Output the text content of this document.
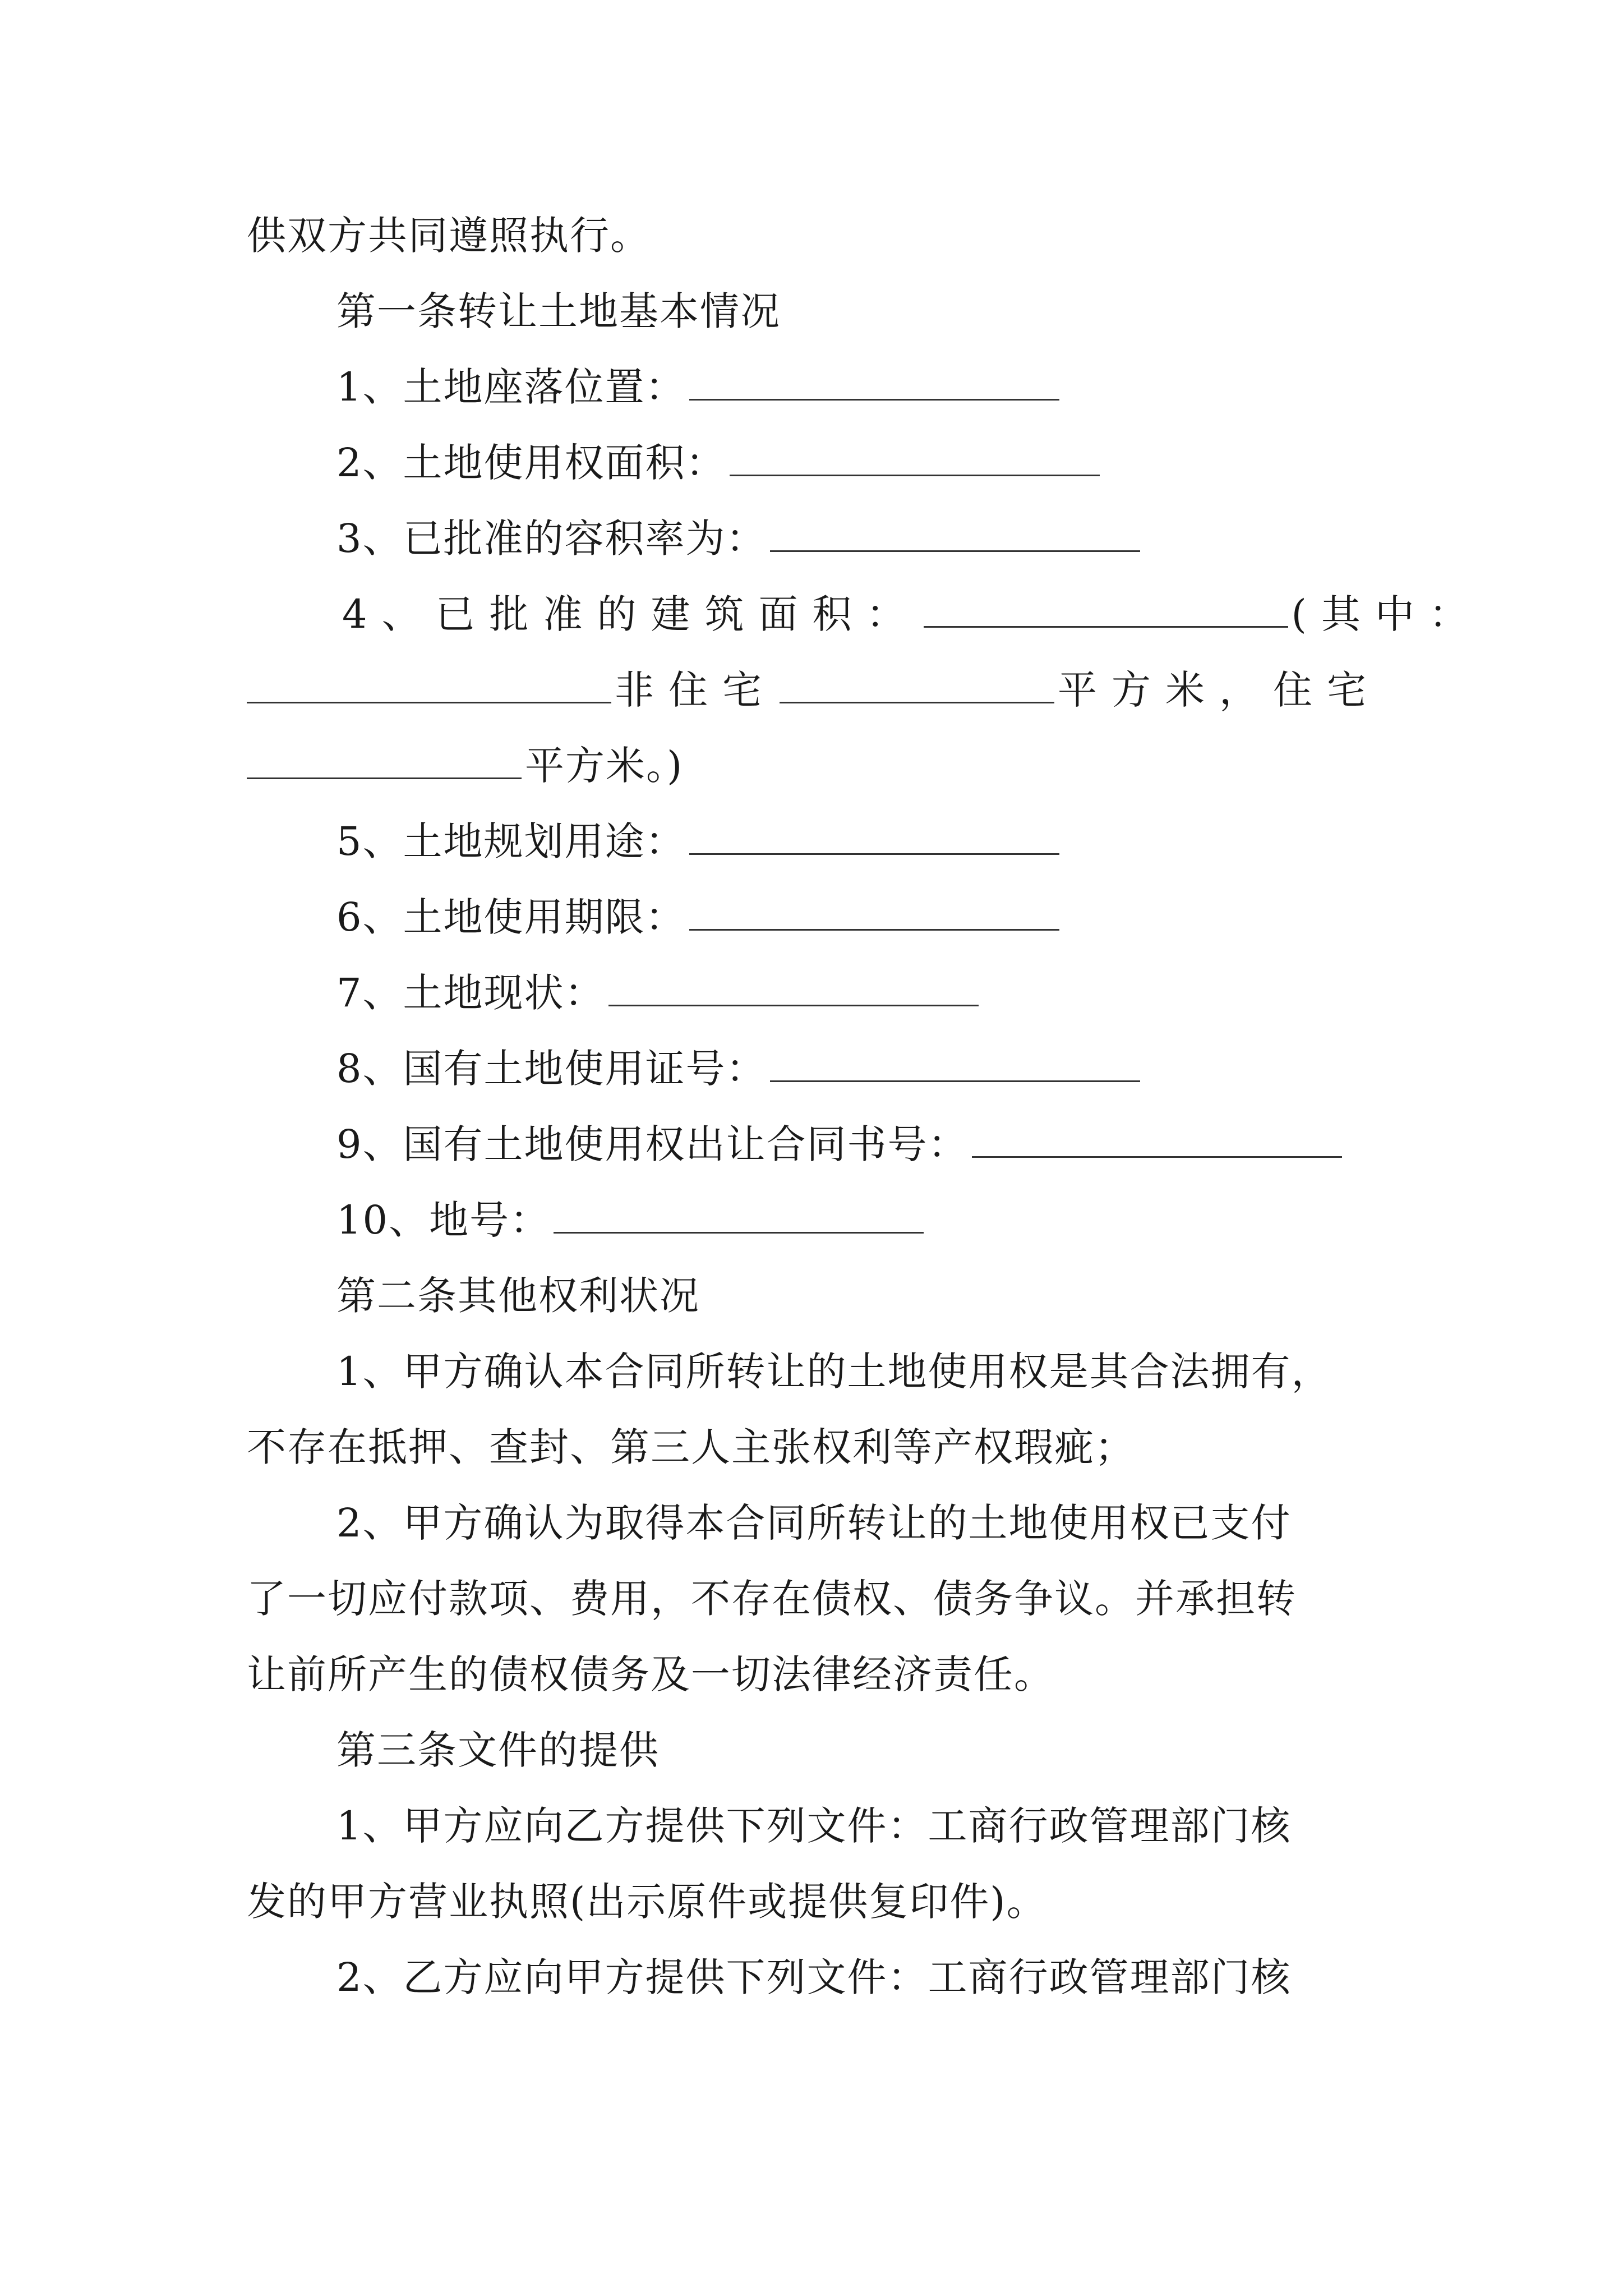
供双方共同遵照执行。
第一条转让土地基本情况
1、土地座落位置：
2、土地使用权面积：
3、已批准的容积率为：
4、已批准的建筑面积：	(其中：
非住宅	平方米，住宅
平方米。)
5、土地规划用途：
6、土地使用期限：
7、土地现状：
8、国有土地使用证号：
9、国有土地使用权出让合同书号：
10、地号：
第二条其他权利状况
1、甲方确认本合同所转让的土地使用权是其合法拥有，
不存在抵押、查封、第三人主张权利等产权瑕疵；
2、甲方确认为取得本合同所转让的土地使用权已支付
了一切应付款项、费用，不存在债权、债务争议。并承担转
让前所产生的债权债务及一切法律经济责任。
第三条文件的提供
1、甲方应向乙方提供下列文件：工商行政管理部门核
发的甲方营业执照(出示原件或提供复印件)。
2、乙方应向甲方提供下列文件：工商行政管理部门核
